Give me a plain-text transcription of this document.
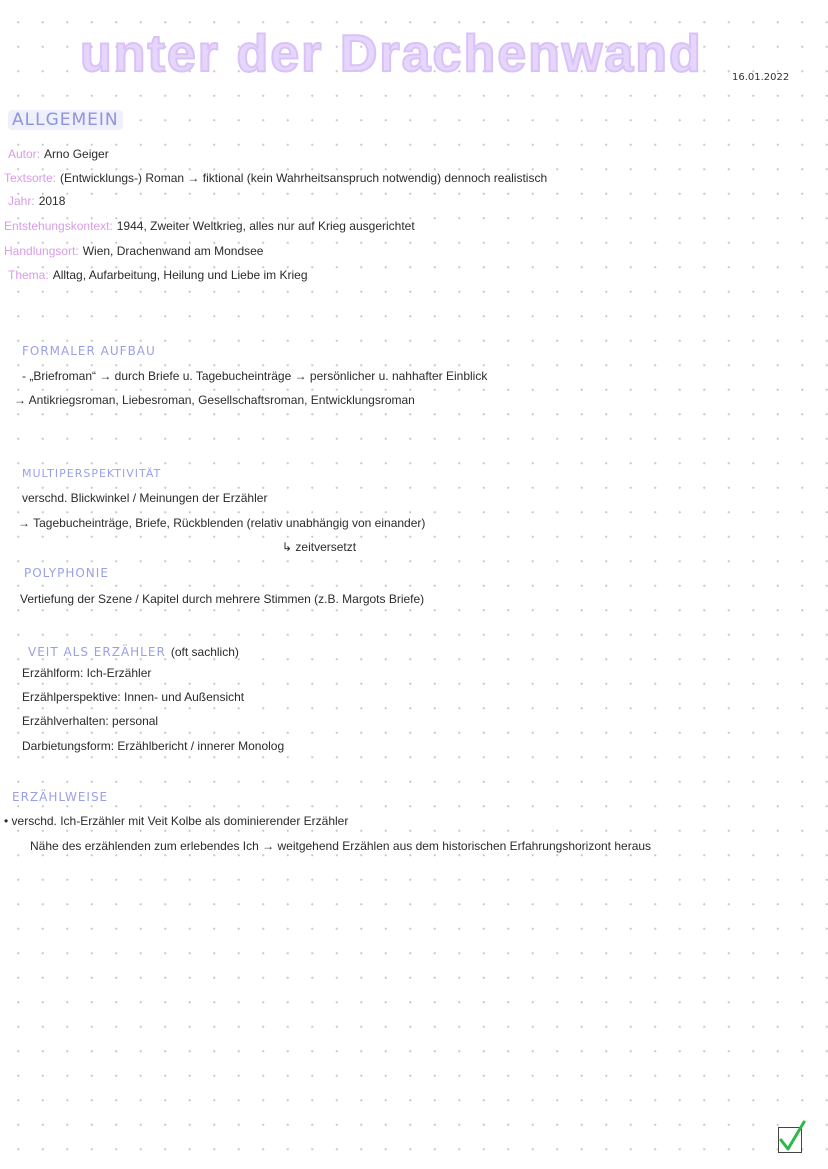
unter der Drachenwand	16.01.2022
ALLGEMEIN
Autor: Arno Geiger
Textsorte: (Entwicklungs-) Roman → fiktional (kein Wahrheitsanspruch notwendig) dennoch realistisch
Jahr: 2018
Entstehungskontext: 1944, Zweiter Weltkrieg, alles nur auf Krieg ausgerichtet
Handlungsort: Wien, Drachenwand am Mondsee
Thema: Alltag, Aufarbeitung, Heilung und Liebe im Krieg
FORMALER AUFBAU
- „Briefroman“ → durch Briefe u. Tagebucheinträge → persönlicher u. nahhafter Einblick
→ Antikriegsroman, Liebesroman, Gesellschaftsroman, Entwicklungsroman
MULTIPERSPEKTIVITÄT
verschd. Blickwinkel / Meinungen der Erzähler
→ Tagebucheinträge, Briefe, Rückblenden (relativ unabhängig von einander)
↳ zeitversetzt
POLYPHONIE
Vertiefung der Szene / Kapitel durch mehrere Stimmen (z.B. Margots Briefe)
VEIT ALS ERZÄHLER (oft sachlich)
Erzählform: Ich-Erzähler
Erzählperspektive: Innen- und Außensicht
Erzählverhalten: personal
Darbietungsform: Erzählbericht / innerer Monolog
ERZÄHLWEISE
• verschd. Ich-Erzähler mit Veit Kolbe als dominierender Erzähler
Nähe des erzählenden zum erlebendes Ich → weitgehend Erzählen aus dem historischen Erfahrungshorizont heraus
